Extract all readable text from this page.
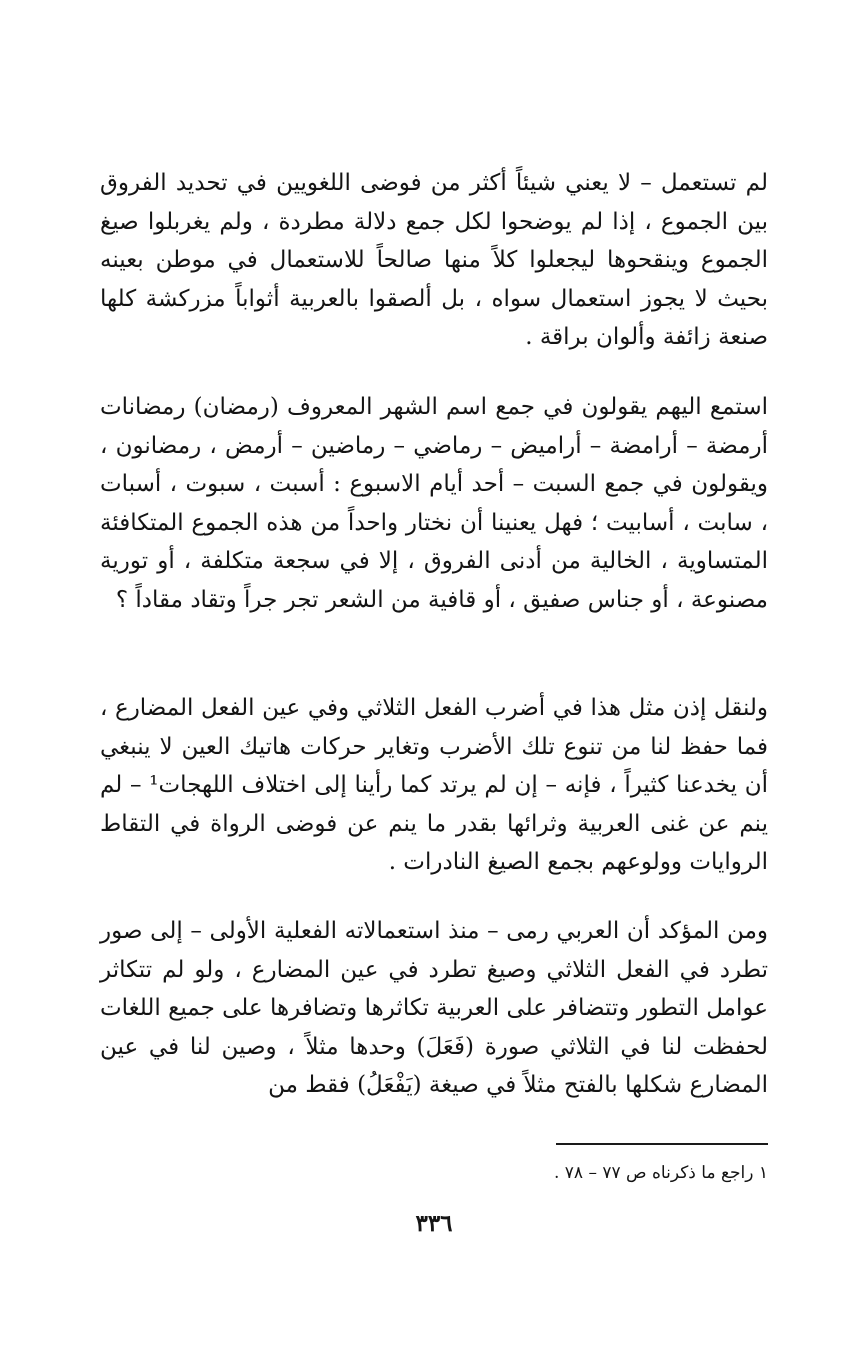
لم تستعمل – لا يعني شيئاً أكثر من فوضى اللغويين في تحديد الفروق بين الجموع ، إذا لم يوضحوا لكل جمع دلالة مطردة ، ولم يغربلوا صيغ الجموع وينقحوها ليجعلوا كلاً منها صالحاً للاستعمال في موطن بعينه بحيث لا يجوز استعمال سواه ، بل ألصقوا بالعربية أثواباً مزركشة كلها صنعة زائفة وألوان براقة .

استمع اليهم يقولون في جمع اسم الشهر المعروف (رمضان) رمضانات أرمضة – أرامضة – أراميض – رماضي – رماضين – أرمض ، رمضانون ، ويقولون في جمع السبت – أحد أيام الاسبوع : أسبت ، سبوت ، أسبات ، سابت ، أسابيت ؛ فهل يعنينا أن نختار واحداً من هذه الجموع المتكافئة المتساوية ، الخالية من أدنى الفروق ، إلا في سجعة متكلفة ، أو تورية مصنوعة ، أو جناس صفيق ، أو قافية من الشعر تجر جراً وتقاد مقاداً ؟

ولنقل إذن مثل هذا في أضرب الفعل الثلاثي وفي عين الفعل المضارع ، فما حفظ لنا من تنوع تلك الأضرب وتغاير حركات هاتيك العين لا ينبغي أن يخدعنا كثيراً ، فإنه – إن لم يرتد كما رأينا إلى اختلاف اللهجات¹ – لم ينم عن غنى العربية وثرائها بقدر ما ينم عن فوضى الرواة في التقاط الروايات وولوعهم بجمع الصيغ النادرات .

ومن المؤكد أن العربي رمى – منذ استعمالاته الفعلية الأولى – إلى صور تطرد في الفعل الثلاثي وصيغ تطرد في عين المضارع ، ولو لم تتكاثر عوامل التطور وتتضافر على العربية تكاثرها وتضافرها على جميع اللغات لحفظت لنا في الثلاثي صورة (فَعَلَ) وحدها مثلاً ، وصين لنا في عين المضارع شكلها بالفتح مثلاً في صيغة (يَفْعَلُ) فقط من

١ راجع ما ذكرناه ص ٧٧ – ٧٨ .

٣٣٦
